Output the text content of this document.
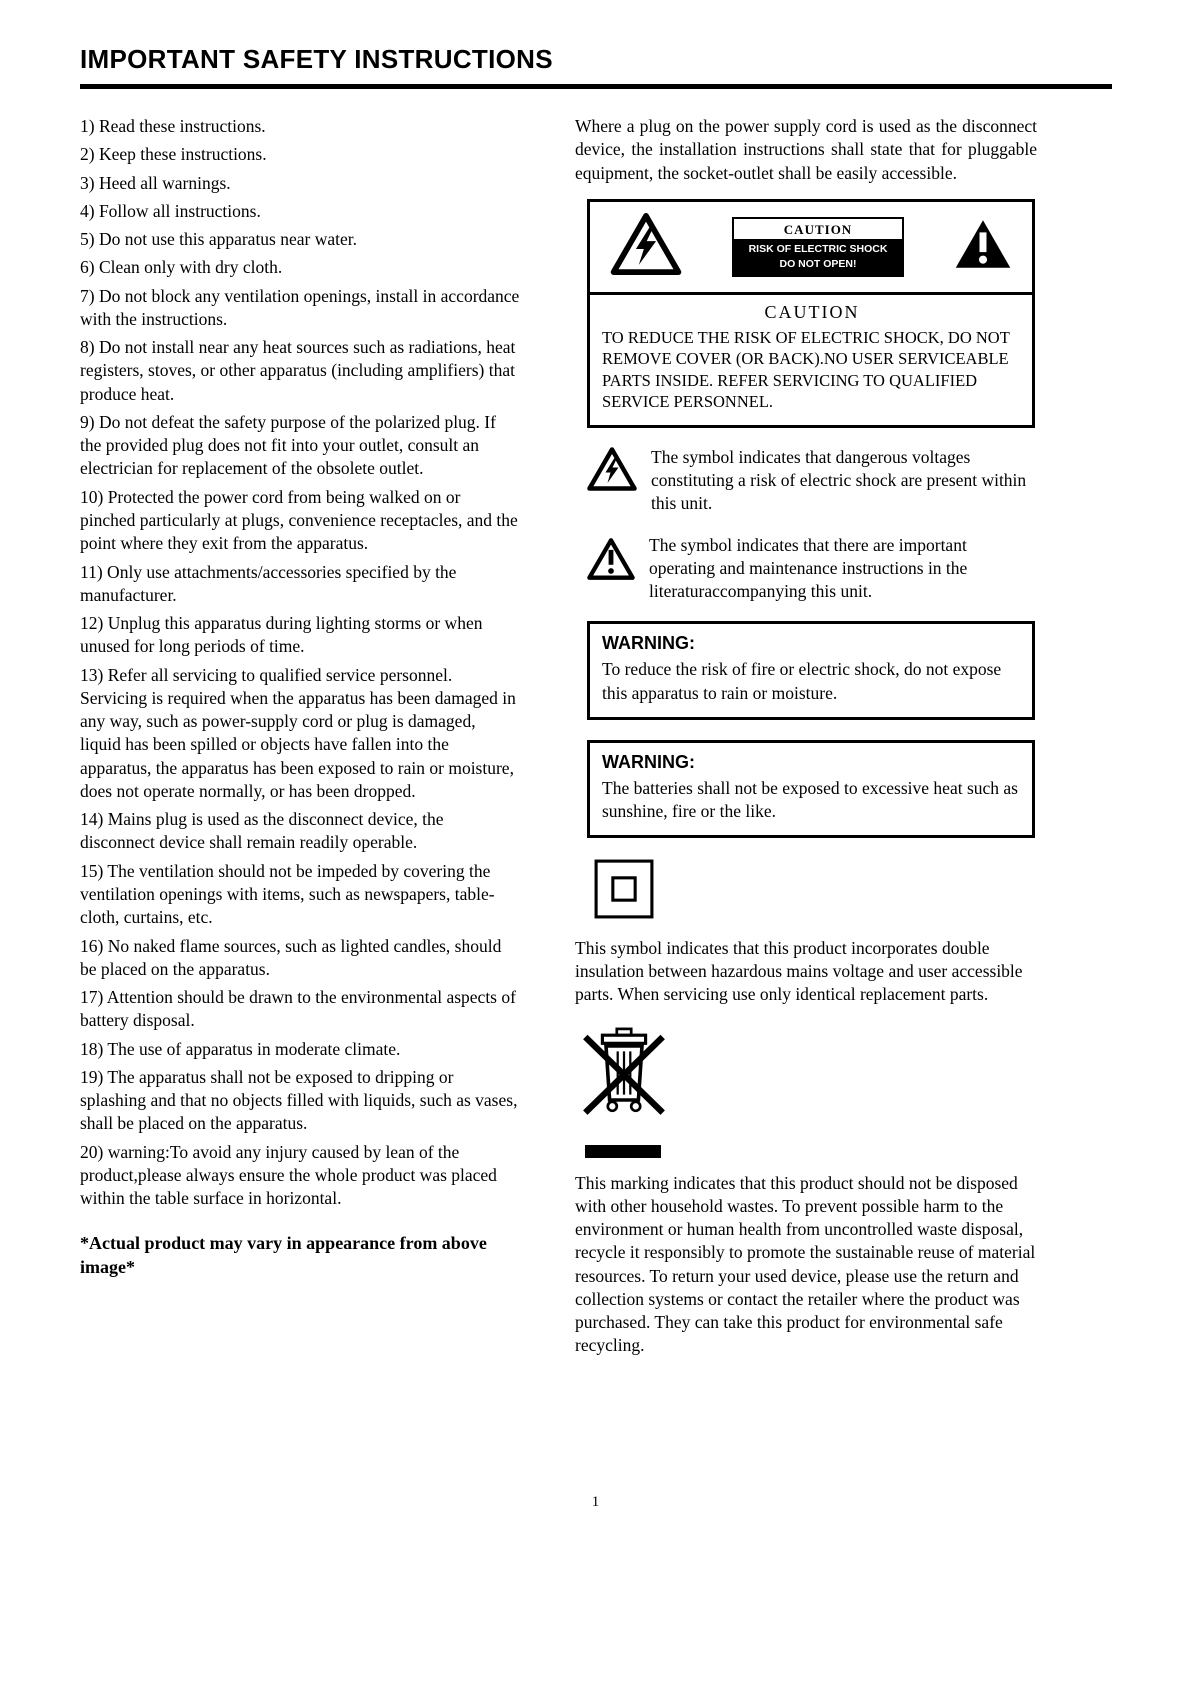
IMPORTANT SAFETY INSTRUCTIONS

1) Read these instructions.

2) Keep these instructions.

3) Heed all warnings.

4) Follow all instructions.

5) Do not use this apparatus near water.

6) Clean only with dry cloth.

7) Do not block any ventilation openings, install in accordance with the instructions.

8) Do not install near any heat sources such as radiations, heat registers, stoves, or other apparatus (including amplifiers) that produce heat.

9) Do not defeat the safety purpose of the polarized plug. If the provided plug does not fit into your outlet, consult an electrician for replacement of the obsolete outlet.

10) Protected the power cord from being walked on or pinched particularly at plugs, convenience receptacles, and the point where they exit from the apparatus.

11) Only use attachments/accessories specified by the manufacturer.

12) Unplug this apparatus during lighting storms or when unused for long periods of time.

13) Refer all servicing to qualified service personnel. Servicing is required when the apparatus has been damaged in any way, such as power-supply cord or plug is damaged, liquid has been spilled or objects have fallen into the apparatus, the apparatus has been exposed to rain or moisture, does not operate normally, or has been dropped.

14) Mains plug is used as the disconnect device, the disconnect device shall remain readily operable.

15) The ventilation should not be impeded by covering the ventilation openings with items, such as newspapers, table-cloth, curtains, etc.

16) No naked flame sources, such as lighted candles, should be placed on the apparatus.

17) Attention should be drawn to the environmental aspects of battery disposal.

18) The use of apparatus in moderate climate.

19) The apparatus shall not be exposed to dripping or splashing and that no objects filled with liquids, such as vases, shall be placed on the apparatus.

20) warning:To avoid any injury caused by lean of the product,please always ensure the whole product was placed within the table surface in horizontal.

*Actual product may vary in appearance from above image*

Where a plug on the power supply cord is used as the disconnect device, the installation instructions shall state that for pluggable equipment, the socket-outlet shall be easily accessible.

CAUTION
RISK OF ELECTRIC SHOCK
DO NOT OPEN!
CAUTION
TO REDUCE THE RISK OF ELECTRIC SHOCK, DO NOT REMOVE COVER (OR BACK).NO USER SERVICEABLE PARTS INSIDE. REFER SERVICING TO QUALIFIED SERVICE PERSONNEL.

The symbol indicates that dangerous voltages constituting a risk of electric shock are present within this unit.

The symbol indicates that there are important operating and maintenance instructions in the literaturaccompanying this unit.

WARNING:
To reduce the risk of fire or electric shock, do not expose this apparatus to rain or moisture.
WARNING:
The batteries shall not be exposed to excessive heat such as sunshine, fire or the like.

This symbol indicates that this product incorporates double insulation between hazardous mains voltage and user accessible parts. When servicing use only identical replacement parts.

This marking indicates that this product should not be disposed with other household wastes. To prevent possible harm to the environment or human health from uncontrolled waste disposal, recycle it responsibly to promote the sustainable reuse of material resources. To return your used device, please use the return and collection systems or contact the retailer where the product was purchased. They can take this product for environmental safe recycling.

1
